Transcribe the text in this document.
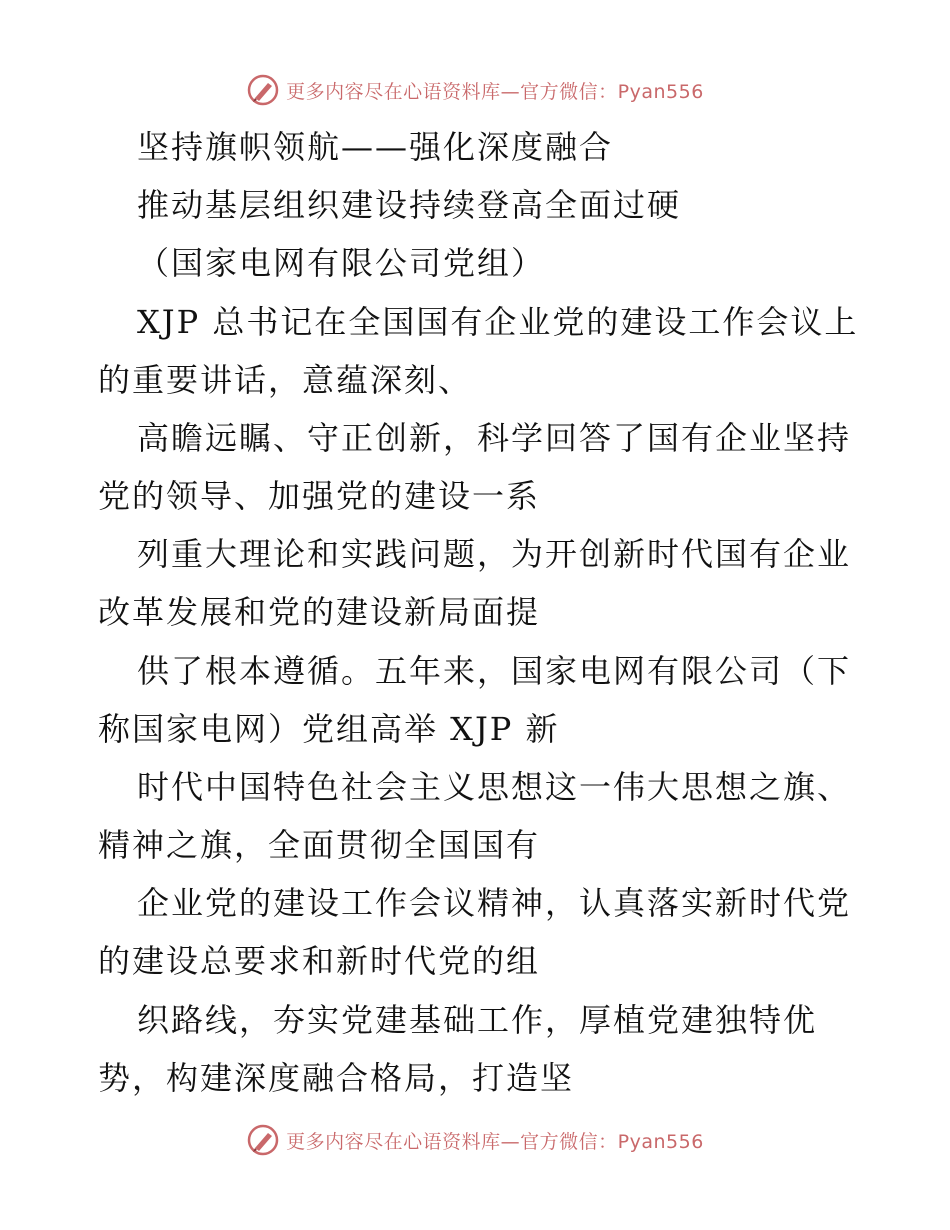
更多内容尽在心语资料库—官方微信：Pyan556
坚持旗帜领航——强化深度融合
推动基层组织建设持续登高全面过硬
（国家电网有限公司党组）
XJP 总书记在全国国有企业党的建设工作会议上
的重要讲话，意蕴深刻、
高瞻远瞩、守正创新，科学回答了国有企业坚持
党的领导、加强党的建设一系
列重大理论和实践问题，为开创新时代国有企业
改革发展和党的建设新局面提
供了根本遵循。五年来，国家电网有限公司（下
称国家电网）党组高举 XJP 新
时代中国特色社会主义思想这一伟大思想之旗、
精神之旗，全面贯彻全国国有
企业党的建设工作会议精神，认真落实新时代党
的建设总要求和新时代党的组
织路线，夯实党建基础工作，厚植党建独特优
势，构建深度融合格局，打造坚
更多内容尽在心语资料库—官方微信：Pyan556
